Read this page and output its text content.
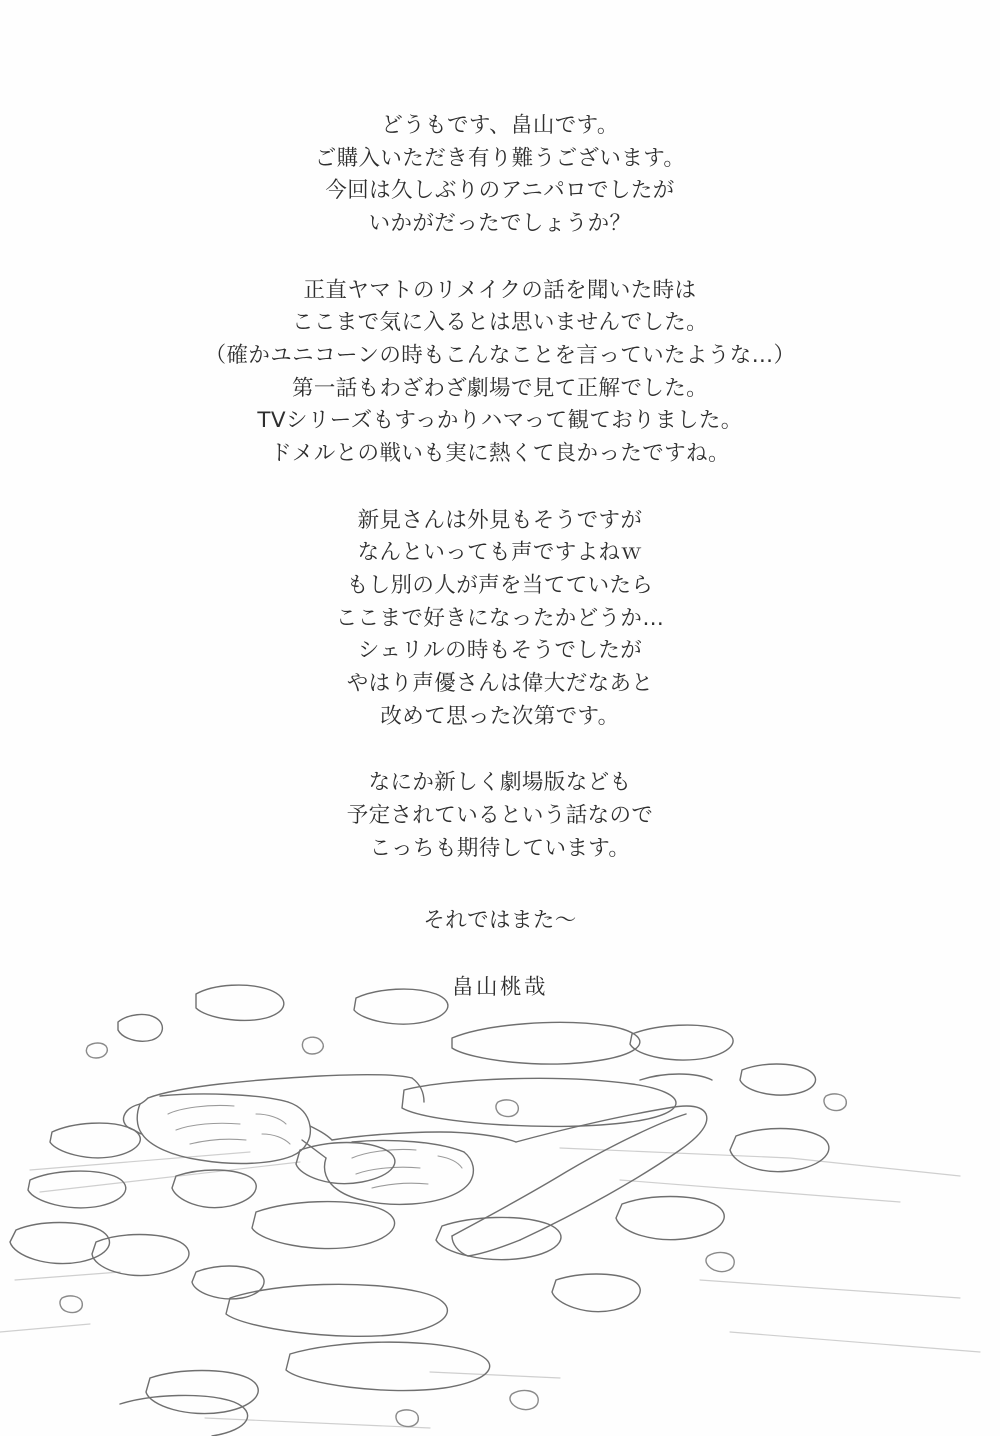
どうもです、畠山です。
ご購入いただき有り難うございます。
今回は久しぶりのアニパロでしたが
いかがだったでしょうか？
正直ヤマトのリメイクの話を聞いた時は
ここまで気に入るとは思いませんでした。
（確かユニコーンの時もこんなことを言っていたような…）
第一話もわざわざ劇場で見て正解でした。
TVシリーズもすっかりハマって観ておりました。
ドメルとの戦いも実に熱くて良かったですね。
新見さんは外見もそうですが
なんといっても声ですよねｗ
もし別の人が声を当てていたら
ここまで好きになったかどうか…
シェリルの時もそうでしたが
やはり声優さんは偉大だなあと
改めて思った次第です。
なにか新しく劇場版なども
予定されているという話なので
こっちも期待しています。
それではまた〜
畠山桃哉
